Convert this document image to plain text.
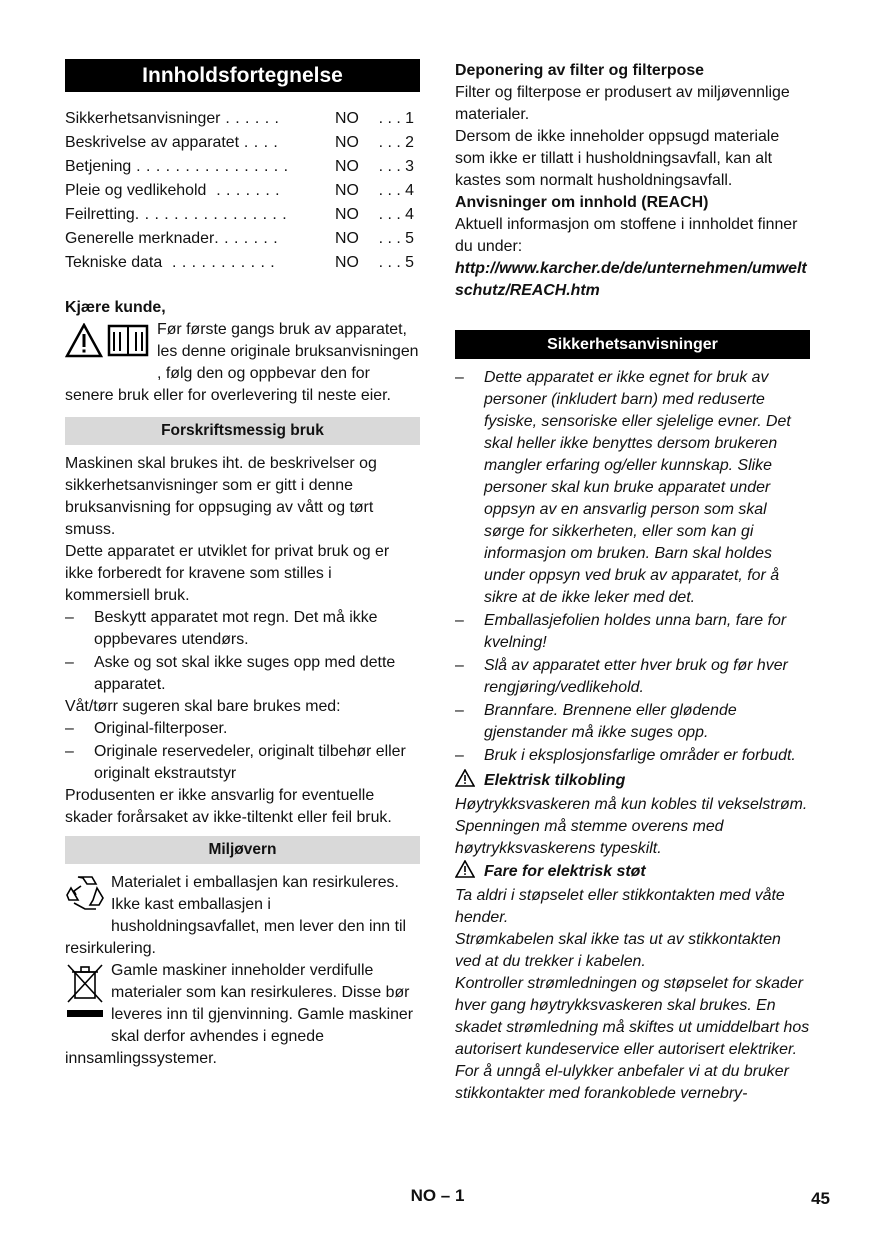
Innholdsfortegnelse
Sikkerhetsanvisninger . . . . . .	NO	. . . 1
Beskrivelse av apparatet . . . .	NO	. . . 2
Betjening . . . . . . . . . . . . . . . .	NO	. . . 3
Pleie og vedlikehold  . . . . . . .	NO	. . . 4
Feilretting. . . . . . . . . . . . . . . .	NO	. . . 4
Generelle merknader. . . . . . .	NO	. . . 5
Tekniske data  . . . . . . . . . . .	NO	. . . 5

Kjære kunde,

Før første gangs bruk av apparatet, les denne originale bruksanvisningen , følg den og oppbevar den for senere bruk eller for overlevering til neste eier.

Forskriftsmessig bruk

Maskinen skal brukes iht. de beskrivelser og sikkerhetsanvisninger som er gitt i denne bruksanvisning for oppsuging av vått og tørt smuss.

Dette apparatet er utviklet for privat bruk og er ikke forberedt for kravene som stilles i kommersiell bruk.

–	Beskytt apparatet mot regn. Det må ikke oppbevares utendørs.
–	Aske og sot skal ikke suges opp med dette apparatet.

Våt/tørr sugeren skal bare brukes med:

–	Original-filterposer.
–	Originale reservedeler, originalt tilbehør eller originalt ekstrautstyr

Produsenten er ikke ansvarlig for eventuelle skader forårsaket av ikke-tiltenkt eller feil bruk.

Miljøvern

Materialet i emballasjen kan resirkuleres. Ikke kast emballasjen i husholdningsavfallet, men lever den inn til resirkulering.

Gamle maskiner inneholder verdifulle materialer som kan resirkuleres. Disse bør leveres inn til gjenvinning. Gamle maskiner skal derfor avhendes i egnede innsamlingssystemer.

Deponering av filter og filterpose

Filter og filterpose er produsert av miljøvennlige materialer.

Dersom de ikke inneholder oppsugd materiale som ikke er tillatt i husholdningsavfall, kan alt kastes som normalt husholdningsavfall.

Anvisninger om innhold (REACH)

Aktuell informasjon om stoffene i innholdet finner du under:

http://www.karcher.de/de/unternehmen/umweltschutz/REACH.htm

Sikkerhetsanvisninger
–	Dette apparatet er ikke egnet for bruk av personer (inkludert barn) med reduserte fysiske, sensoriske eller sjelelige evner. Det skal heller ikke benyttes dersom brukeren mangler erfaring og/eller kunnskap. Slike personer skal kun bruke apparatet under oppsyn av en ansvarlig person som skal sørge for sikkerheten, eller som kan gi informasjon om bruken. Barn skal holdes under oppsyn ved bruk av apparatet, for å sikre at de ikke leker med det.
–	Emballasjefolien holdes unna barn, fare for kvelning!
–	Slå av apparatet etter hver bruk og før hver rengjøring/vedlikehold.
–	Brannfare. Brennene eller glødende gjenstander må ikke suges opp.
–	Bruk i eksplosjonsfarlige områder er forbudt.

Elektrisk tilkobling

Høytrykksvaskeren må kun kobles til vekselstrøm. Spenningen må stemme overens med høytrykksvaskerens typeskilt.

Fare for elektrisk støt

Ta aldri i støpselet eller stikkontakten med våte hender.

Strømkabelen skal ikke tas ut av stikkontakten ved at du trekker i kabelen.

Kontroller strømledningen og støpselet for skader hver gang høytrykksvaskeren skal brukes. En skadet strømledning må skiftes ut umiddelbart hos autorisert kundeservice eller autorisert elektriker.

For å unngå el-ulykker anbefaler vi at du bruker stikkontakter med forankoblede vernebry-

NO – 1	45
